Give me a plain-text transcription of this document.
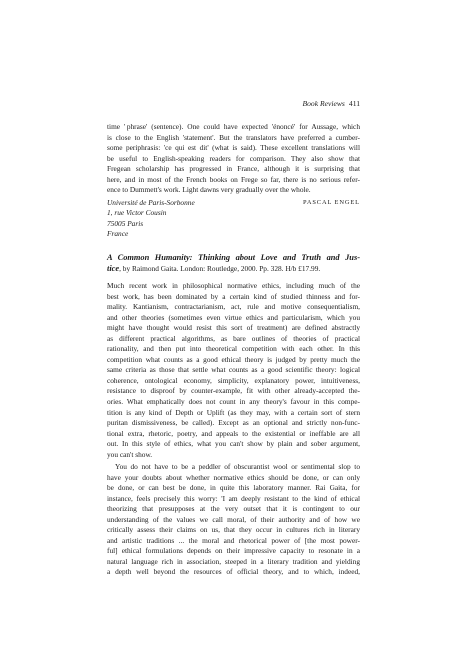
Book Reviews 411
time ' phrase' (sentence). One could have expected 'énoncé' for Aussage, which
is close to the English 'statement'. But the translators have preferred a cumber-
some periphrasis: 'ce qui est dit' (what is said). These excellent translations will
be useful to English-speaking readers for comparison. They also show that
Fregean scholarship has progressed in France, although it is surprising that
here, and in most of the French books on Frege so far, there is no serious refer-
ence to Dummett's work. Light dawns very gradually over the whole.
Université de Paris-Sorbonne
1, rue Victor Cousin
75005 Paris
France
PASCAL ENGEL
A Common Humanity: Thinking about Love and Truth and Jus-
tice, by Raimond Gaita. London: Routledge, 2000. Pp. 328. H/b £17.99.
Much recent work in philosophical normative ethics, including much of the
best work, has been dominated by a certain kind of studied thinness and for-
mality. Kantianism, contractarianism, act, rule and motive consequentialism,
and other theories (sometimes even virtue ethics and particularism, which you
might have thought would resist this sort of treatment) are defined abstractly
as different practical algorithms, as bare outlines of theories of practical
rationality, and then put into theoretical competition with each other. In this
competition what counts as a good ethical theory is judged by pretty much the
same criteria as those that settle what counts as a good scientific theory: logical
coherence, ontological economy, simplicity, explanatory power, intuitiveness,
resistance to disproof by counter-example, fit with other already-accepted the-
ories. What emphatically does not count in any theory's favour in this compe-
tition is any kind of Depth or Uplift (as they may, with a certain sort of stern
puritan dismissiveness, be called). Except as an optional and strictly non-func-
tional extra, rhetoric, poetry, and appeals to the existential or ineffable are all
out. In this style of ethics, what you can't show by plain and sober argument,
you can't show.
You do not have to be a peddler of obscurantist wool or sentimental slop to
have your doubts about whether normative ethics should be done, or can only
be done, or can best be done, in quite this laboratory manner. Rai Gaita, for
instance, feels precisely this worry: 'I am deeply resistant to the kind of ethical
theorizing that presupposes at the very outset that it is contingent to our
understanding of the values we call moral, of their authority and of how we
critically assess their claims on us, that they occur in cultures rich in literary
and artistic traditions ... the moral and rhetorical power of [the most power-
ful] ethical formulations depends on their impressive capacity to resonate in a
natural language rich in association, steeped in a literary tradition and yielding
a depth well beyond the resources of official theory, and to which, indeed,
